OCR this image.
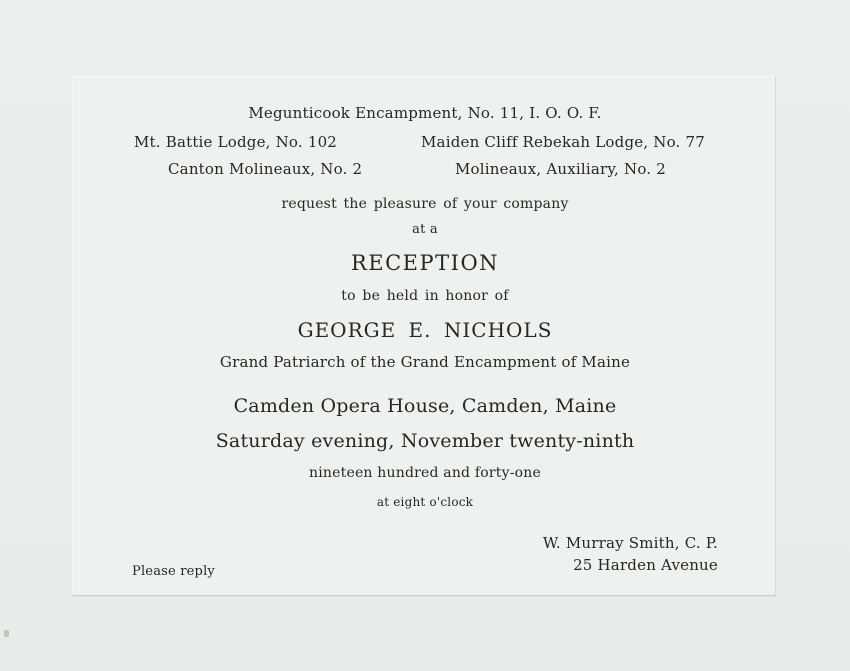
Megunticook Encampment, No. 11, I. O. O. F.
Mt. Battie Lodge, No. 102	Maiden Cliff Rebekah Lodge, No. 77
Canton Molineaux, No. 2	Molineaux, Auxiliary, No. 2
request the pleasure of your company
at a
RECEPTION
to be held in honor of
GEORGE E. NICHOLS
Grand Patriarch of the Grand Encampment of Maine
Camden Opera House, Camden, Maine
Saturday evening, November twenty-ninth
nineteen hundred and forty-one
at eight o'clock
W. Murray Smith, C. P.
25 Harden Avenue
Please reply
